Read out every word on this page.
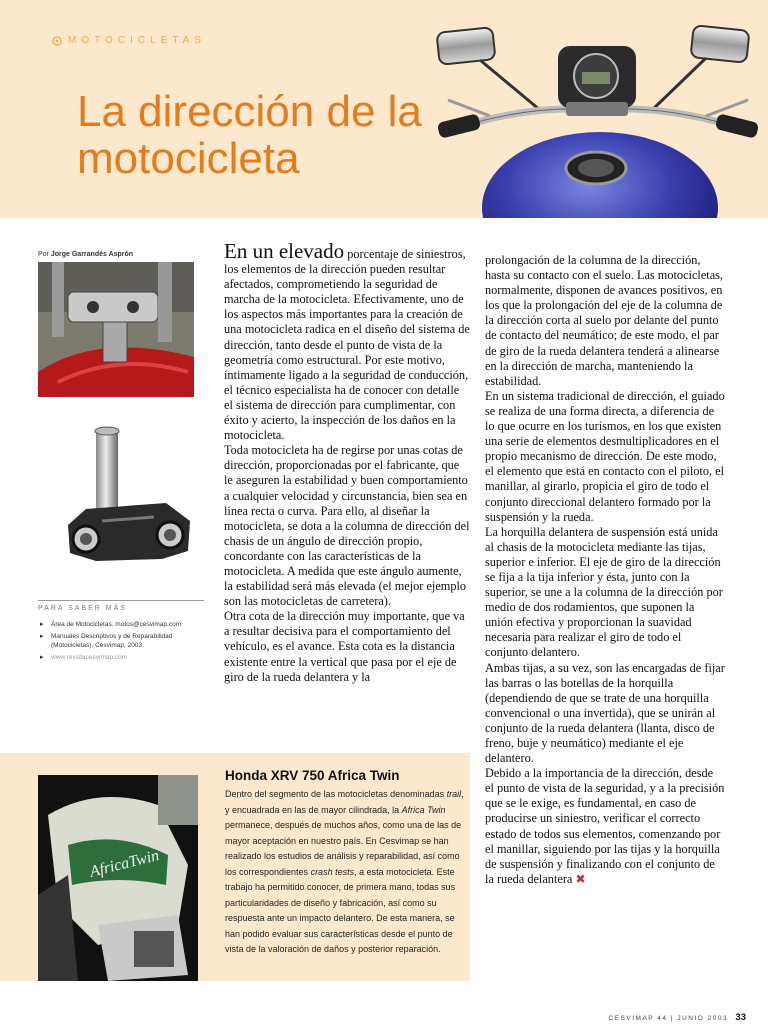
MOTOCICLETAS
La dirección de la motocicleta
Por Jorge Garrandés Asprón
PARA SABER MÁS
▸ Área de Motocicletas. motos@cesvimap.com
▸ Manuales Descriptivos y de Reparabilidad (Motocicletas). Cesvimap, 2003
▸ www.revistacesvimap.com

En un elevado porcentaje de siniestros, los elementos de la dirección pueden resultar afectados, comprometiendo la seguridad de marcha de la motocicleta. Efectivamente, uno de los aspectos más importantes para la creación de una motocicleta radica en el diseño del sistema de dirección, tanto desde el punto de vista de la geometría como estructural. Por este motivo, íntimamente ligado a la seguridad de conducción, el técnico especialista ha de conocer con detalle el sistema de dirección para cumplimentar, con éxito y acierto, la inspección de los daños en la motocicleta.

Toda motocicleta ha de regirse por unas cotas de dirección, proporcionadas por el fabricante, que le aseguren la estabilidad y buen comportamiento a cualquier velocidad y circunstancia, bien sea en línea recta o curva. Para ello, al diseñar la motocicleta, se dota a la columna de dirección del chasis de un ángulo de dirección propio, concordante con las características de la motocicleta. A medida que este ángulo aumente, la estabilidad será más elevada (el mejor ejemplo son las motocicletas de carretera).

Otra cota de la dirección muy importante, que va a resultar decisiva para el comportamiento del vehículo, es el avance. Esta cota es la distancia existente entre la vertical que pasa por el eje de giro de la rueda delantera y la

prolongación de la columna de la dirección, hasta su contacto con el suelo. Las motocicletas, normalmente, disponen de avances positivos, en los que la prolongación del eje de la columna de la dirección corta al suelo por delante del punto de contacto del neumático; de este modo, el par de giro de la rueda delantera tenderá a alinearse en la dirección de marcha, manteniendo la estabilidad.

En un sistema tradicional de dirección, el guiado se realiza de una forma directa, a diferencia de lo que ocurre en los turismos, en los que existen una serie de elementos desmultiplicadores en el propio mecanismo de dirección. De este modo, el elemento que está en contacto con el piloto, el manillar, al girarlo, propicia el giro de todo el conjunto direccional delantero formado por la suspensión y la rueda.

La horquilla delantera de suspensión está unida al chasis de la motocicleta mediante las tijas, superior e inferior. El eje de giro de la dirección se fija a la tija inferior y ésta, junto con la superior, se une a la columna de la dirección por medio de dos rodamientos, que suponen la unión efectiva y proporcionan la suavidad necesaria para realizar el giro de todo el conjunto delantero.

Ambas tijas, a su vez, son las encargadas de fijar las barras o las botellas de la horquilla (dependiendo de que se trate de una horquilla convencional o una invertida), que se unirán al conjunto de la rueda delantera (llanta, disco de freno, buje y neumático) mediante el eje delantero.

Debido a la importancia de la dirección, desde el punto de vista de la seguridad, y a la precisión que se le exige, es fundamental, en caso de producirse un siniestro, verificar el correcto estado de todos sus elementos, comenzando por el manillar, siguiendo por las tijas y la horquilla de suspensión y finalizando con el conjunto de la rueda delantera ✖

AfricaTwin
Honda XRV 750 Africa Twin
Dentro del segmento de las motocicletas denominadas trail, y encuadrada en las de mayor cilindrada, la Africa Twin permanece, después de muchos años, como una de las de mayor aceptación en nuestro país. En Cesvimap se han realizado los estudios de análisis y reparabilidad, así como los correspondientes crash tests, a esta motocicleta. Este trabajo ha permitido conocer, de primera mano, todas sus particularidades de diseño y fabricación, así como su respuesta ante un impacto delantero. De esta manera, se han podido evaluar sus características desde el punto de vista de la valoración de daños y posterior reparación.
CESVIMAP 44 | JUNIO 2003 33
